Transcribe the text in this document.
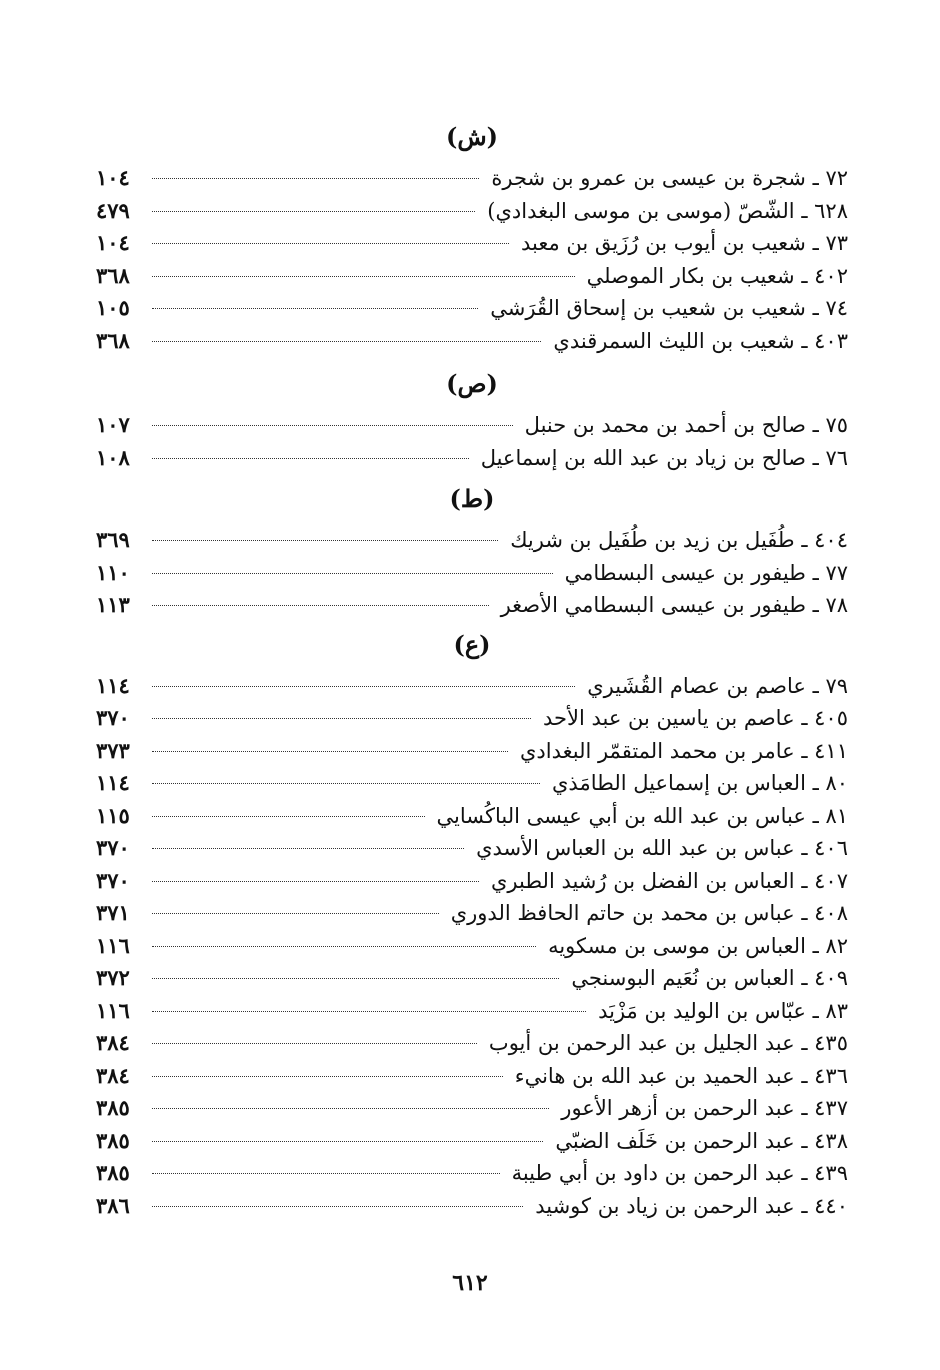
(ش)
١٠٤	٧٢ ـ شجرة بن عيسى بن عمرو بن شجرة
٤٧٩	٦٢٨ ـ الشّصّ (موسى بن موسى البغدادي)
١٠٤	٧٣ ـ شعيب بن أيوب بن رُزَيق بن معبد
٣٦٨	٤٠٢ ـ شعيب بن بكار الموصلي
١٠٥	٧٤ ـ شعيب بن شعيب بن إسحاق القُرَشي
٣٦٨	٤٠٣ ـ شعيب بن الليث السمرقندي
(ص)
١٠٧	٧٥ ـ صالح بن أحمد بن محمد بن حنبل
١٠٨	٧٦ ـ صالح بن زياد بن عبد الله بن إسماعيل
(ط)
٣٦٩	٤٠٤ ـ طُفَيل بن زيد بن طُفَيل بن شريك
١١٠	٧٧ ـ طيفور بن عيسى البسطامي
١١٣	٧٨ ـ طيفور بن عيسى البسطامي الأصغر
(ع)
١١٤	٧٩ ـ عاصم بن عصام القُشَيري
٣٧٠	٤٠٥ ـ عاصم بن ياسين بن عبد الأحد
٣٧٣	٤١١ ـ عامر بن محمد المتقمّر البغدادي
١١٤	٨٠ ـ العباس بن إسماعيل الطامَذي
١١٥	٨١ ـ عباس بن عبد الله بن أبي عيسى الباكُسايي
٣٧٠	٤٠٦ ـ عباس بن عبد الله بن العباس الأسدي
٣٧٠	٤٠٧ ـ العباس بن الفضل بن رُشيد الطبري
٣٧١	٤٠٨ ـ عباس بن محمد بن حاتم الحافظ الدوري
١١٦	٨٢ ـ العباس بن موسى بن مسكويه
٣٧٢	٤٠٩ ـ العباس بن نُعَيم البوسنجي
١١٦	٨٣ ـ عبّاس بن الوليد بن مَزْيَد
٣٨٤	٤٣٥ ـ عبد الجليل بن عبد الرحمن بن أيوب
٣٨٤	٤٣٦ ـ عبد الحميد بن عبد الله بن هانيء
٣٨٥	٤٣٧ ـ عبد الرحمن بن أزهر الأعور
٣٨٥	٤٣٨ ـ عبد الرحمن بن خَلَف الضبّي
٣٨٥	٤٣٩ ـ عبد الرحمن بن داود بن أبي طيبة
٣٨٦	٤٤٠ ـ عبد الرحمن بن زياد بن كوشيد
٦١٢
